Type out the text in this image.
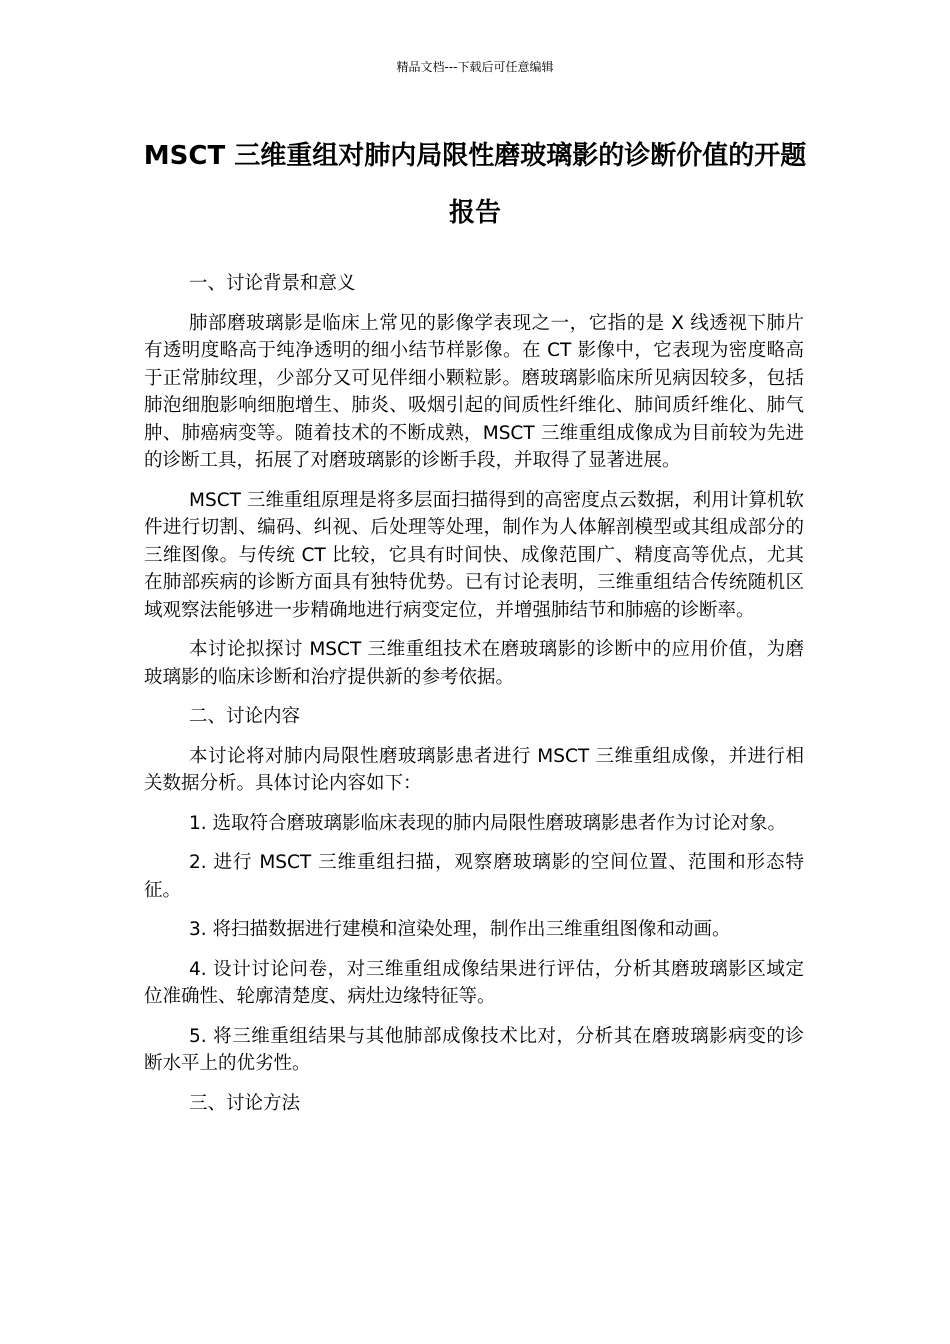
精品文档---下载后可任意编辑
MSCT 三维重组对肺内局限性磨玻璃影的诊断价值的开题报告

一、讨论背景和意义

肺部磨玻璃影是临床上常见的影像学表现之一，它指的是 X 线透视下肺片有透明度略高于纯净透明的细小结节样影像。在 CT 影像中，它表现为密度略高于正常肺纹理，少部分又可见伴细小颗粒影。磨玻璃影临床所见病因较多，包括肺泡细胞影响细胞增生、肺炎、吸烟引起的间质性纤维化、肺间质纤维化、肺气肿、肺癌病变等。随着技术的不断成熟，MSCT 三维重组成像成为目前较为先进的诊断工具，拓展了对磨玻璃影的诊断手段，并取得了显著进展。

MSCT 三维重组原理是将多层面扫描得到的高密度点云数据，利用计算机软件进行切割、编码、纠视、后处理等处理，制作为人体解剖模型或其组成部分的三维图像。与传统 CT 比较，它具有时间快、成像范围广、精度高等优点，尤其在肺部疾病的诊断方面具有独特优势。已有讨论表明，三维重组结合传统随机区域观察法能够进一步精确地进行病变定位，并增强肺结节和肺癌的诊断率。

本讨论拟探讨 MSCT 三维重组技术在磨玻璃影的诊断中的应用价值，为磨玻璃影的临床诊断和治疗提供新的参考依据。

二、讨论内容

本讨论将对肺内局限性磨玻璃影患者进行 MSCT 三维重组成像，并进行相关数据分析。具体讨论内容如下：

1. 选取符合磨玻璃影临床表现的肺内局限性磨玻璃影患者作为讨论对象。

2. 进行 MSCT 三维重组扫描，观察磨玻璃影的空间位置、范围和形态特征。

3. 将扫描数据进行建模和渲染处理，制作出三维重组图像和动画。

4. 设计讨论问卷，对三维重组成像结果进行评估，分析其磨玻璃影区域定位准确性、轮廓清楚度、病灶边缘特征等。

5. 将三维重组结果与其他肺部成像技术比对，分析其在磨玻璃影病变的诊断水平上的优劣性。

三、讨论方法
